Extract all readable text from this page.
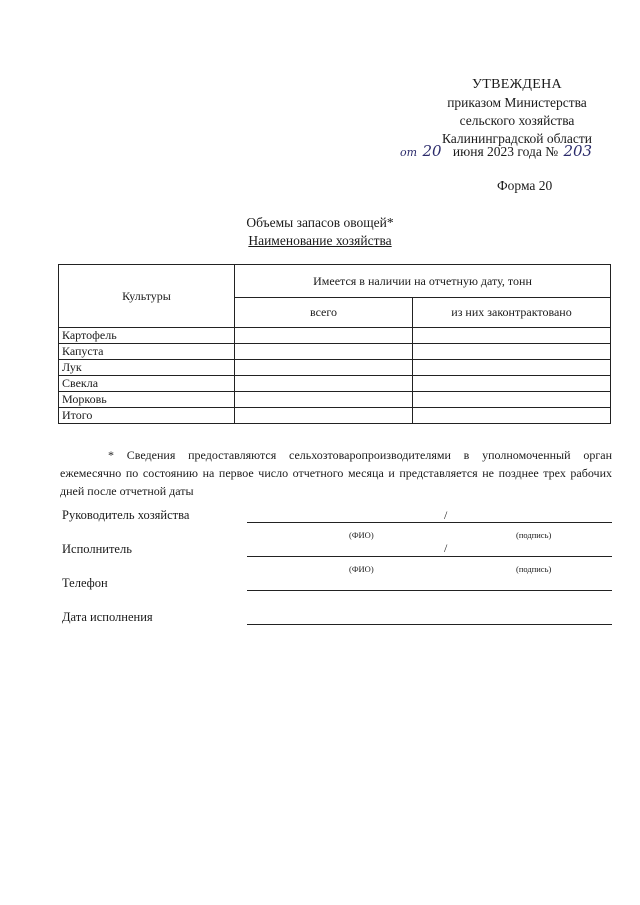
УТВЕЖДЕНА
приказом Министерства
сельского хозяйства
Калининградской области
от 20 июня 2023 года № 203
Форма 20
Объемы запасов овощей*
Наименование хозяйства
Культуры	Имеется в наличии на отчетную дату, тонн	
	всего	из них законтрактовано
Картофель		
Капуста		
Лук		
Свекла		
Морковь		
Итого		
* Сведения предоставляются сельхозтоваропроизводителями в уполномоченный орган ежемесячно по состоянию на первое число отчетного месяца и представляется не позднее трех рабочих дней после отчетной даты
Руководитель хозяйства	/
(ФИО)	(подпись)
Исполнитель	/
(ФИО)	(подпись)
Телефон
Дата исполнения
